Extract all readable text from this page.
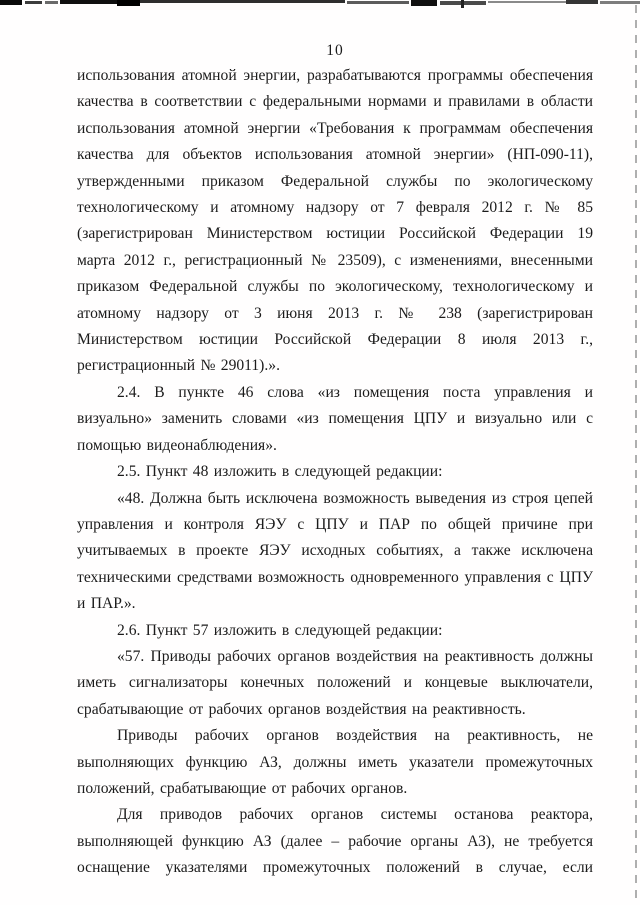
10

использования атомной энергии, разрабатываются программы обеспечения качества в соответствии с федеральными нормами и правилами в области использования атомной энергии «Требования к программам обеспечения качества для объектов использования атомной энергии» (НП-090-11), утвержденными приказом Федеральной службы по экологическому технологическому и атомному надзору от 7 февраля 2012 г. № 85 (зарегистрирован Министерством юстиции Российской Федерации 19 марта 2012 г., регистрационный № 23509), с изменениями, внесенными приказом Федеральной службы по экологическому, технологическому и атомному надзору от 3 июня 2013 г. № 238 (зарегистрирован Министерством юстиции Российской Федерации 8 июля 2013 г., регистрационный № 29011).».

2.4. В пункте 46 слова «из помещения поста управления и визуально» заменить словами «из помещения ЦПУ и визуально или с помощью видеонаблюдения».

2.5. Пункт 48 изложить в следующей редакции:

«48. Должна быть исключена возможность выведения из строя цепей управления и контроля ЯЭУ с ЦПУ и ПАР по общей причине при учитываемых в проекте ЯЭУ исходных событиях, а также исключена техническими средствами возможность одновременного управления с ЦПУ и ПАР.».

2.6. Пункт 57 изложить в следующей редакции:

«57. Приводы рабочих органов воздействия на реактивность должны иметь сигнализаторы конечных положений и концевые выключатели, срабатывающие от рабочих органов воздействия на реактивность.

Приводы рабочих органов воздействия на реактивность, не выполняющих функцию АЗ, должны иметь указатели промежуточных положений, срабатывающие от рабочих органов.

Для приводов рабочих органов системы останова реактора, выполняющей функцию АЗ (далее – рабочие органы АЗ), не требуется оснащение указателями промежуточных положений в случае, если
